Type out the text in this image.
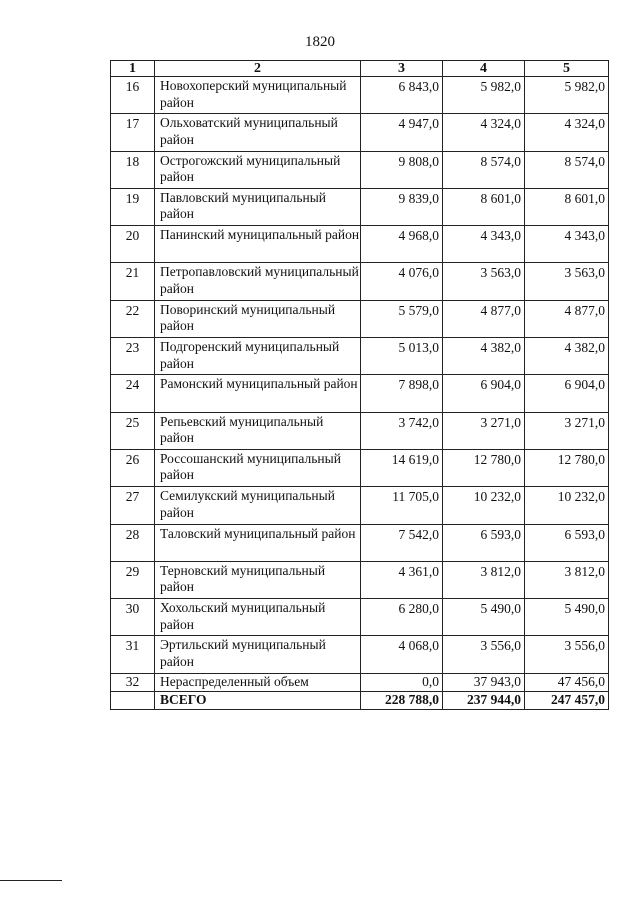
1820
1	2	3	4	5
16	Новохоперский муниципальный район	6 843,0	5 982,0	5 982,0
17	Ольховатский муниципальный район	4 947,0	4 324,0	4 324,0
18	Острогожский муниципальный район	9 808,0	8 574,0	8 574,0
19	Павловский муниципальный район	9 839,0	8 601,0	8 601,0
20	Панинский муниципальный район	4 968,0	4 343,0	4 343,0
21	Петропавловский муниципальный район	4 076,0	3 563,0	3 563,0
22	Поворинский муниципальный район	5 579,0	4 877,0	4 877,0
23	Подгоренский муниципальный район	5 013,0	4 382,0	4 382,0
24	Рамонский муниципальный район	7 898,0	6 904,0	6 904,0
25	Репьевский муниципальный район	3 742,0	3 271,0	3 271,0
26	Россошанский муниципальный район	14 619,0	12 780,0	12 780,0
27	Семилукский муниципальный район	11 705,0	10 232,0	10 232,0
28	Таловский муниципальный район	7 542,0	6 593,0	6 593,0
29	Терновский муниципальный район	4 361,0	3 812,0	3 812,0
30	Хохольский муниципальный район	6 280,0	5 490,0	5 490,0
31	Эртильский муниципальный район	4 068,0	3 556,0	3 556,0
32	Нераспределенный объем	0,0	37 943,0	47 456,0
	ВСЕГО	228 788,0	237 944,0	247 457,0
